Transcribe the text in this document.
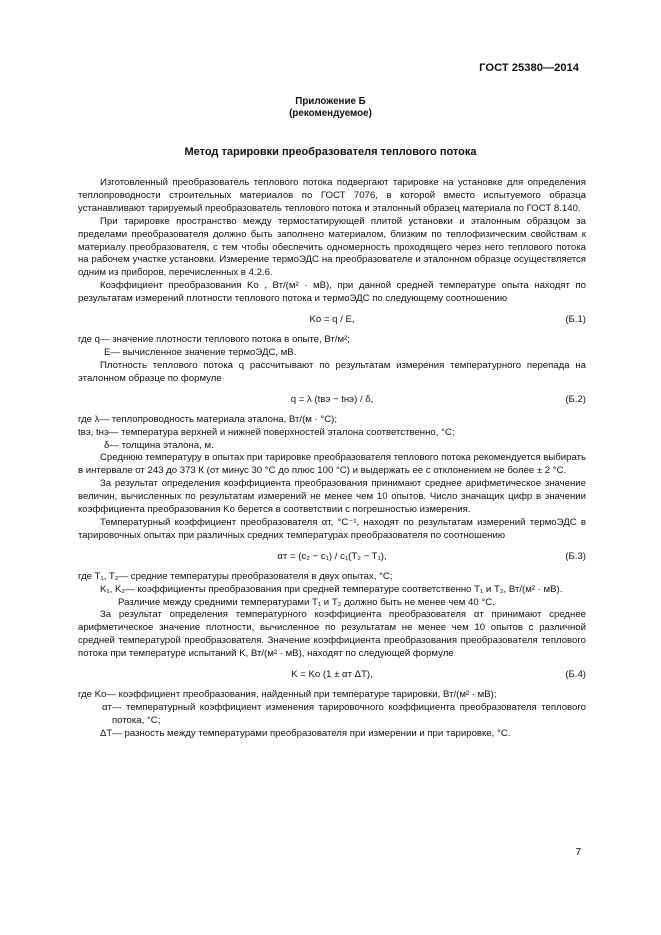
ГОСТ 25380—2014
Приложение Б
(рекомендуемое)
Метод тарировки преобразователя теплового потока

Изготовленный преобразователь теплового потока подвергают тарировке на установке для определения теплопроводности строительных материалов по ГОСТ 7076, в которой вместо испытуемого образца устанавливают тарируемый преобразователь теплового потока и эталонный образец материала по ГОСТ 8.140.

При тарировке пространство между термостатирующей плитой установки и эталонным образцом за пределами преобразователя должно быть заполнено материалом, близким по теплофизическим свойствам к материалу преобразователя, с тем чтобы обеспечить одномерность проходящего через него теплового потока на рабочем участке установки. Измерение термоЭДС на преобразователе и эталонном образце осуществляется одним из приборов, перечисленных в 4.2.6.

Коэффициент преобразования Kо , Вт/(м² · мВ), при данной средней температуре опыта находят по результатам измерений плотности теплового потока и термоЭДС по следующему соотношению

Kо = q / E,	(Б.1)
где q — значение плотности теплового потока в опыте, Вт/м²;
E — вычисленное значение термоЭДС, мВ.

Плотность теплового потока q рассчитывают по результатам измерения температурного перепада на эталонном образце по формуле

q = λ (tвэ − tнэ) / δ,	(Б.2)
где λ — теплопроводность материала эталона, Вт/(м · °С);
tвэ, tнэ — температура верхней и нижней поверхностей эталона соответственно, °С;
δ — толщина эталона, м.

Среднюю температуру в опытах при тарировке преобразователя теплового потока рекомендуется выбирать в интервале от 243 до 373 К (от минус 30 °С до плюс 100 °С) и выдержать ее с отклонением не более ± 2 °С.

За результат определения коэффициента преобразования принимают среднее арифметическое значение величин, вычисленных по результатам измерений не менее чем 10 опытов. Число значащих цифр в значении коэффициента преобразования Kо берется в соответствии с погрешностью измерения.

Температурный коэффициент преобразователя αт, °С⁻¹, находят по результатам измерений термоЭДС в тарировочных опытах при различных средних температурах преобразователя по соотношению

αт = (c₂ − c₁) / c₁(T₂ − T₁),	(Б.3)
где T₁, T₂ — средние температуры преобразователя в двух опытах, °С;
K₁, K₂ — коэффициенты преобразования при средней температуре соответственно T₁ и T₂, Вт/(м² · мВ).

Различие между средними температурами T₁ и T₂ должно быть не менее чем 40 °С.

За результат определения температурного коэффициента преобразователя αт принимают среднее арифметическое значение плотности, вычисленное по результатам не менее чем 10 опытов с различной средней температурой преобразователя. Значение коэффициента преобразования преобразователя теплового потока при температуре испытаний K, Вт/(м² · мВ), находят по следующей формуле

K = Kо (1 ± αт ΔT),	(Б.4)
где Kо — коэффициент преобразования, найденный при температуре тарировки, Вт/(м² · мВ);
αт — температурный коэффициент изменения тарировочного коэффициента преобразователя теплового потока, °С;
ΔT — разность между температурами преобразователя при измерении и при тарировке, °С.
7
